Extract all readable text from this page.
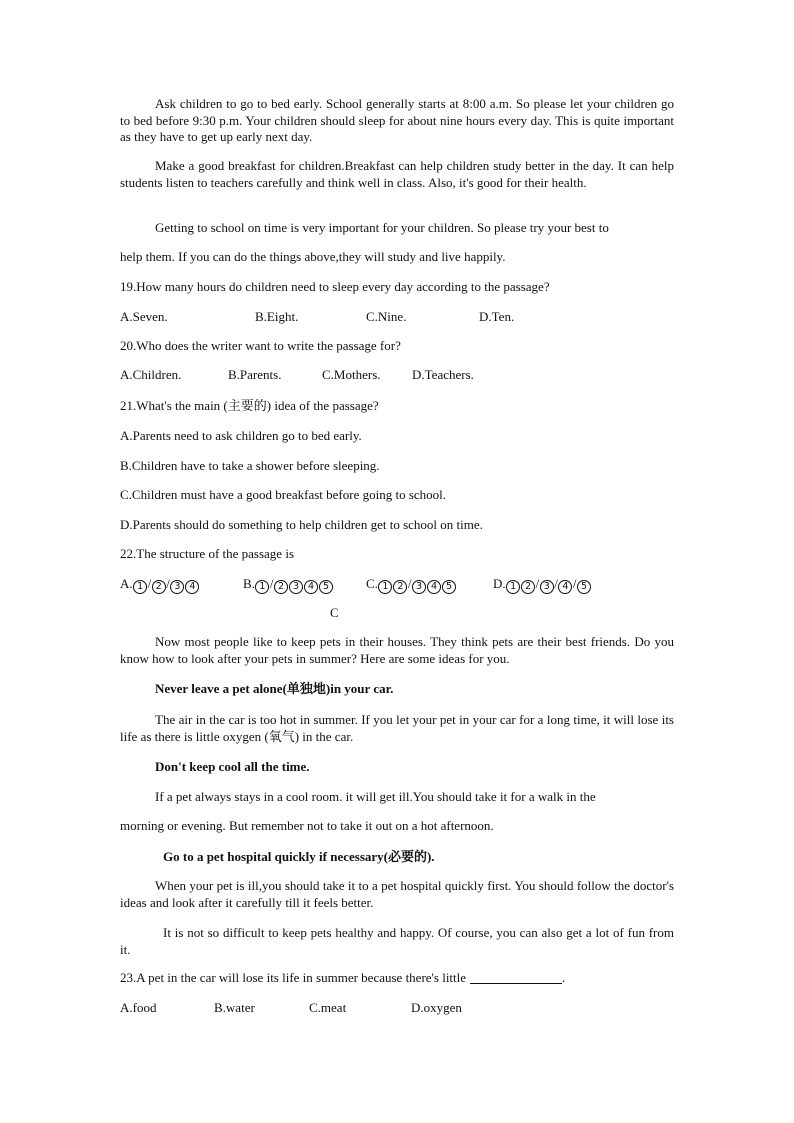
Ask children to go to bed early. School generally starts at 8:00 a.m. So please let your children go to bed before 9:30 p.m. Your children should sleep for about nine hours every day. This is quite important as they have to get up early next day.
Make a good breakfast for children.Breakfast can help children study better in the day. It can help students listen to teachers carefully and think well in class. Also, it's good for their health.
Getting to school on time is very important for your children. So please try your best to
help them. If you can do the things above,they will study and live happily.
19.How many hours do children need to sleep every day according to the passage?
A.Seven.	B.Eight.	C.Nine.	D.Ten.
20.Who does the writer want to write the passage for?
A.Children.	B.Parents.	C.Mothers. D.Teachers.
21.What's the main (主要的) idea of the passage?
A.Parents need to ask children go to bed early.
B.Children have to take a shower before sleeping.
C.Children must have a good breakfast before going to school.
D.Parents should do something to help children get to school on time.
22.The structure of the passage is
A. 1 / 2 / 3 4	B. 1 / 2 3 4 5	C. 1 2 / 3 4 5	D. 1 2 / 3 / 4 / 5
C
Now most people like to keep pets in their houses. They think pets are their best friends. Do you know how to look after your pets in summer? Here are some ideas for you.
Never leave a pet alone(单独地)in your car.
The air in the car is too hot in summer. If you let your pet in your car for a long time, it will lose its life as there is little oxygen (氧气) in the car.
Don't keep cool all the time.
If a pet always stays in a cool room. it will get ill.You should take it for a walk in the
morning or evening. But remember not to take it out on a hot afternoon.
Go to a pet hospital quickly if necessary(必要的).
When your pet is ill,you should take it to a pet hospital quickly first. You should follow the doctor's ideas and look after it carefully till it feels better.
It is not so difficult to keep pets healthy and happy. Of course, you can also get a lot of fun from it.
23.A pet in the car will lose its life in summer because there's little	.
A.food	B.water	C.meat	D.oxygen
